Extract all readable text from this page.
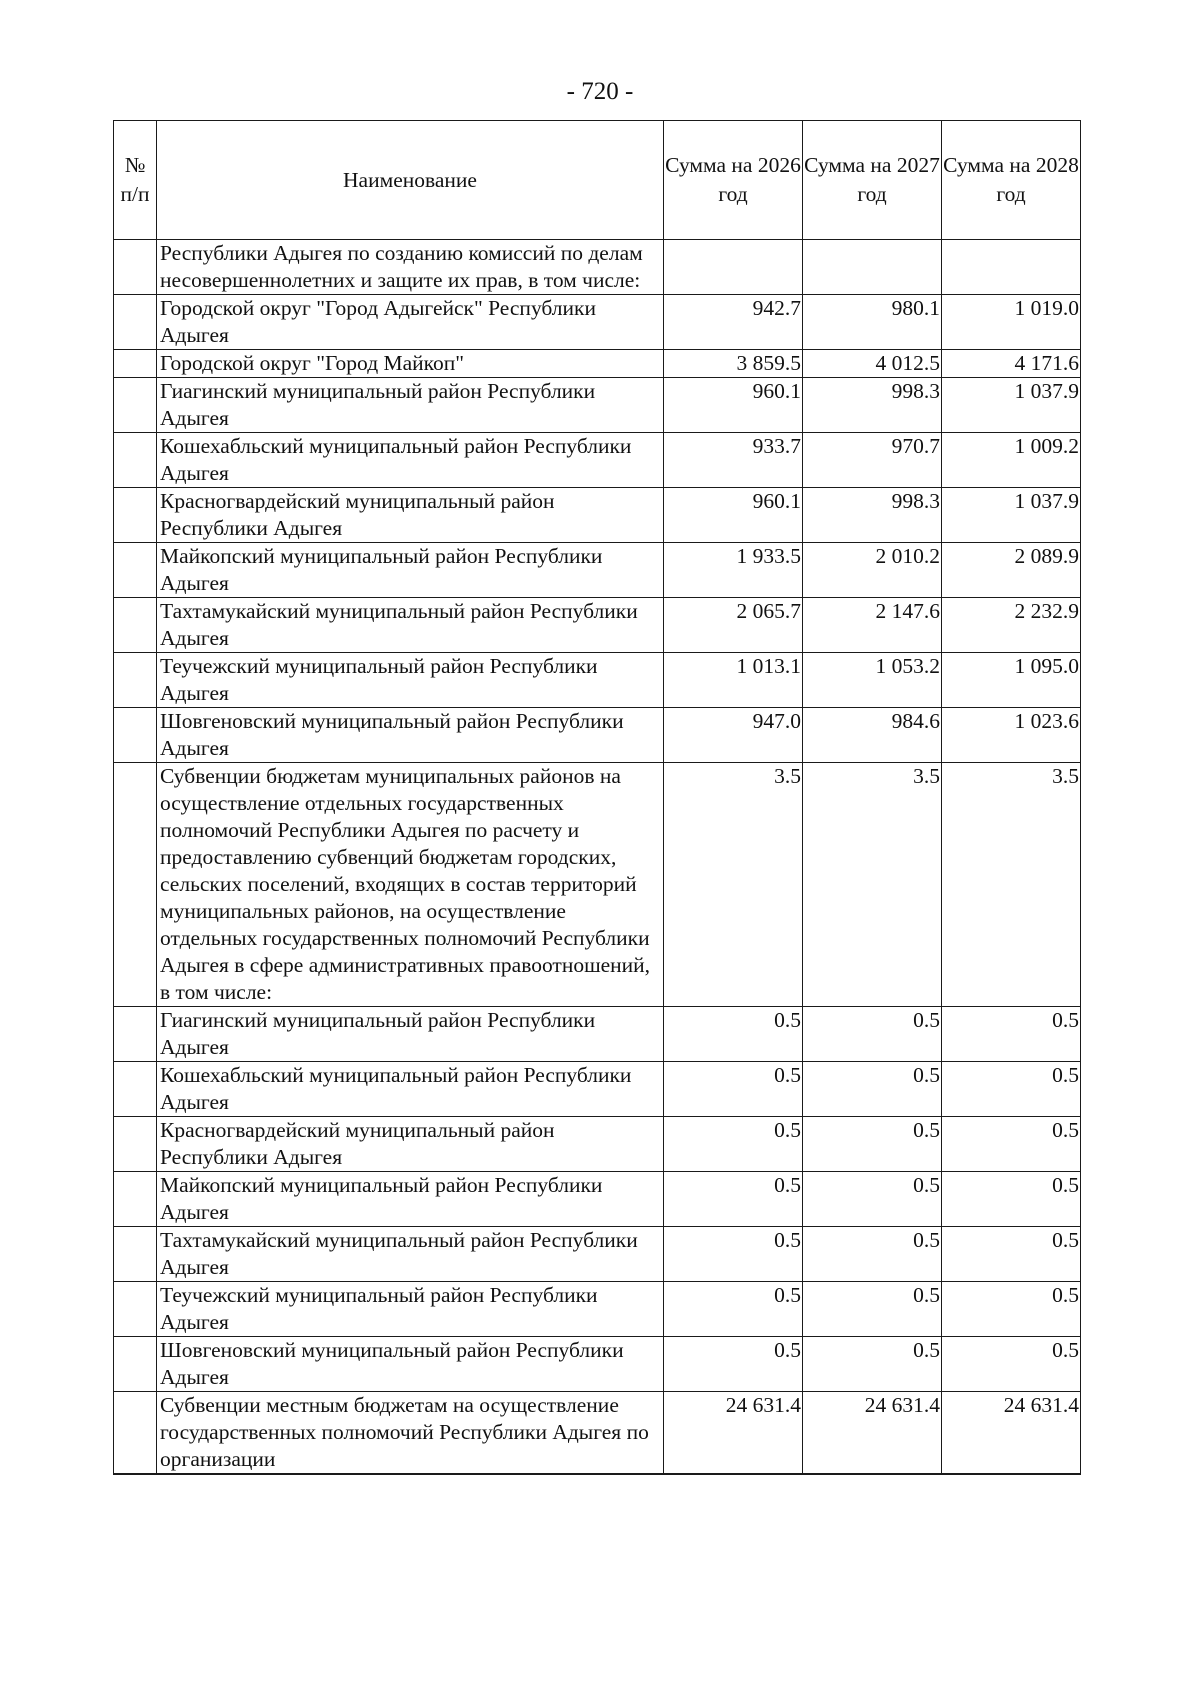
- 720 -
№ п/п	Наименование	Сумма на 2026 год	Сумма на 2027 год	Сумма на 2028 год
	Республики Адыгея по созданию комиссий по делам несовершеннолетних и защите их прав, в том числе:			
	Городской округ "Город Адыгейск" Республики Адыгея	942.7	980.1	1 019.0
	Городской округ "Город Майкоп"	3 859.5	4 012.5	4 171.6
	Гиагинский муниципальный район Республики Адыгея	960.1	998.3	1 037.9
	Кошехабльский муниципальный район Республики Адыгея	933.7	970.7	1 009.2
	Красногвардейский муниципальный район Республики Адыгея	960.1	998.3	1 037.9
	Майкопский муниципальный район Республики Адыгея	1 933.5	2 010.2	2 089.9
	Тахтамукайский муниципальный район Республики Адыгея	2 065.7	2 147.6	2 232.9
	Теучежский муниципальный район Республики Адыгея	1 013.1	1 053.2	1 095.0
	Шовгеновский муниципальный район Республики Адыгея	947.0	984.6	1 023.6
	Субвенции бюджетам муниципальных районов на осуществление отдельных государственных полномочий Республики Адыгея по расчету и предоставлению субвенций бюджетам городских, сельских поселений, входящих в состав территорий муниципальных районов, на осуществление отдельных государственных полномочий Республики Адыгея в сфере административных правоотношений, в том числе:	3.5	3.5	3.5
	Гиагинский муниципальный район Республики Адыгея	0.5	0.5	0.5
	Кошехабльский муниципальный район Республики Адыгея	0.5	0.5	0.5
	Красногвардейский муниципальный район Республики Адыгея	0.5	0.5	0.5
	Майкопский муниципальный район Республики Адыгея	0.5	0.5	0.5
	Тахтамукайский муниципальный район Республики Адыгея	0.5	0.5	0.5
	Теучежский муниципальный район Республики Адыгея	0.5	0.5	0.5
	Шовгеновский муниципальный район Республики Адыгея	0.5	0.5	0.5
	Субвенции местным бюджетам на осуществление государственных полномочий Республики Адыгея по организации	24 631.4	24 631.4	24 631.4
